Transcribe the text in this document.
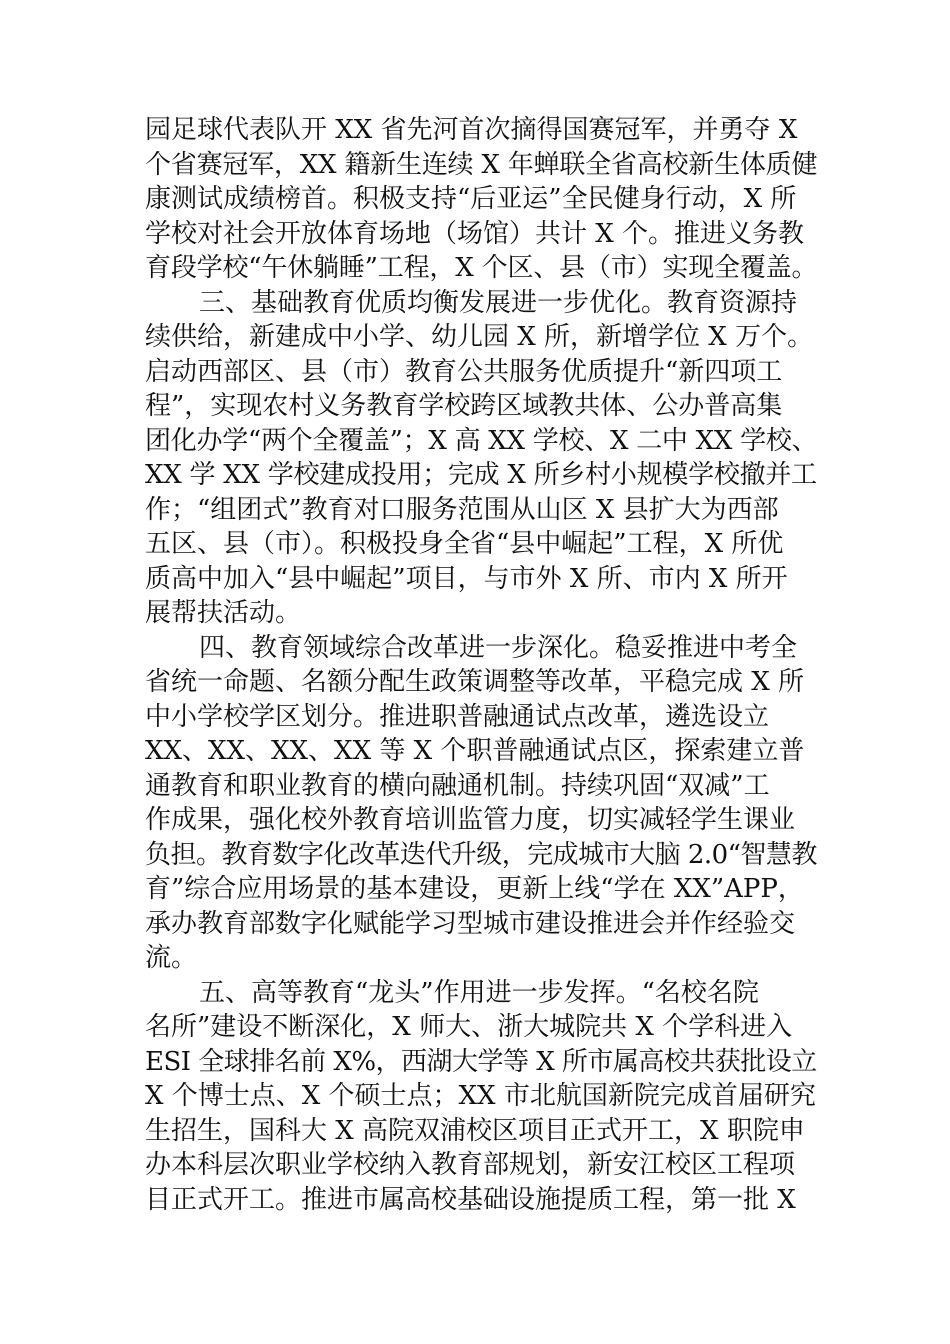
园足球代表队开 XX 省先河首次摘得国赛冠军，并勇夺 X
个省赛冠军，XX 籍新生连续 X 年蝉联全省高校新生体质健
康测试成绩榜首。积极支持“后亚运”全民健身行动，X 所
学校对社会开放体育场地（场馆）共计 X 个。推进义务教
育段学校“午休躺睡”工程，X 个区、县（市）实现全覆盖。
三、基础教育优质均衡发展进一步优化。教育资源持
续供给，新建成中小学、幼儿园 X 所，新增学位 X 万个。
启动西部区、县（市）教育公共服务优质提升“新四项工
程”，实现农村义务教育学校跨区域教共体、公办普高集
团化办学“两个全覆盖”；X 高 XX 学校、X 二中 XX 学校、
XX 学 XX 学校建成投用；完成 X 所乡村小规模学校撤并工
作；“组团式”教育对口服务范围从山区 X 县扩大为西部
五区、县（市）。积极投身全省“县中崛起”工程，X 所优
质高中加入“县中崛起”项目，与市外 X 所、市内 X 所开
展帮扶活动。
四、教育领域综合改革进一步深化。稳妥推进中考全
省统一命题、名额分配生政策调整等改革，平稳完成 X 所
中小学校学区划分。推进职普融通试点改革，遴选设立
XX、XX、XX、XX 等 X 个职普融通试点区，探索建立普
通教育和职业教育的横向融通机制。持续巩固“双减”工
作成果，强化校外教育培训监管力度，切实减轻学生课业
负担。教育数字化改革迭代升级，完成城市大脑 2.0“智慧教
育”综合应用场景的基本建设，更新上线“学在 XX”APP，
承办教育部数字化赋能学习型城市建设推进会并作经验交
流。
五、高等教育“龙头”作用进一步发挥。“名校名院
名所”建设不断深化，X 师大、浙大城院共 X 个学科进入
ESI 全球排名前 X%，西湖大学等 X 所市属高校共获批设立
X 个博士点、X 个硕士点；XX 市北航国新院完成首届研究
生招生，国科大 X 高院双浦校区项目正式开工，X 职院申
办本科层次职业学校纳入教育部规划，新安江校区工程项
目正式开工。推进市属高校基础设施提质工程，第一批 X
